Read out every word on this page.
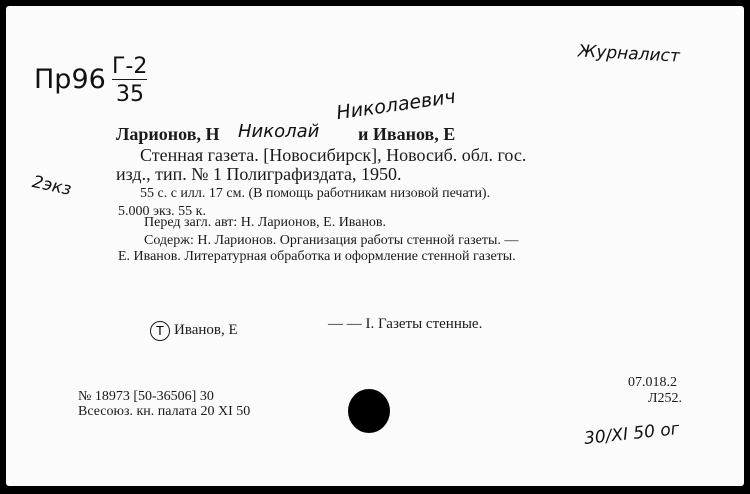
Пр96 Г-2
35
Журналист
Николаевич
2экз
30/XI 50 ог
Ларионов, Н Николай и Иванов, Е
Стенная газета. [Новосибирск], Новосиб. обл. гос.
изд., тип. № 1 Полиграфиздата, 1950.
55 с. с илл. 17 см. (В помощь работникам низовой печати).
5.000 экз. 55 к.
Перед загл. авт: Н. Ларионов, Е. Иванов.
Содерж: Н. Ларионов. Организация работы стенной газеты. —
Е. Иванов. Литературная обработка и оформление стенной газеты.
Т Иванов, Е	— — I. Газеты стенные.
№ 18973 [50-36506] 30
Всесоюз. кн. палата 20 XI 50
07.018.2
Л252.
